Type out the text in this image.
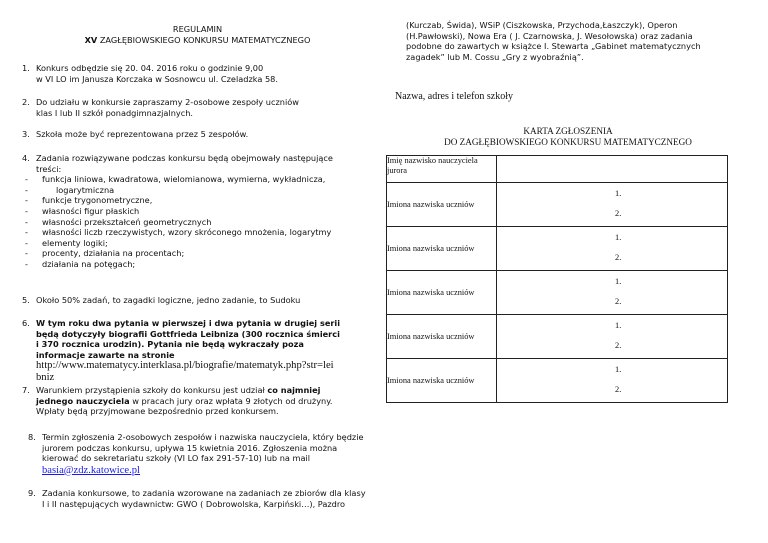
REGULAMIN
XV ZAGŁĘBIOWSKIEGO KONKURSU MATEMATYCZNEGO
1. Konkurs odbędzie się 20. 04. 2016 roku o godzinie 9,00
w VI LO im Janusza Korczaka w Sosnowcu ul. Czeladzka 58.
2. Do udziału w konkursie zapraszamy 2-osobowe zespoły uczniów
klas I lub II szkół ponadgimnazjalnych.
3. Szkoła może być reprezentowana przez 5 zespołów.
4. Zadania rozwiązywane podczas konkursu będą obejmowały następujące
treści:
- funkcja liniowa, kwadratowa, wielomianowa, wymierna, wykładnicza,
- logarytmiczna
- funkcje trygonometryczne,
- własności figur płaskich
- własności przekształceń geometrycznych
- własności liczb rzeczywistych, wzory skróconego mnożenia, logarytmy
- elementy logiki;
- procenty, działania na procentach;
- działania na potęgach;
5. Około 50% zadań, to zagadki logiczne, jedno zadanie, to Sudoku
6. W tym roku dwa pytania w pierwszej i dwa pytania w drugiej serii
będą dotyczyły biografii Gottfrieda Leibniza (300 rocznica śmierci
i 370 rocznica urodzin). Pytania nie będą wykraczały poza
informacje zawarte na stronie
http://www.matematycy.interklasa.pl/biografie/matematyk.php?str=lei
bniz
7. Warunkiem przystąpienia szkoły do konkursu jest udział co najmniej
jednego nauczyciela w pracach jury oraz wpłata 9 złotych od drużyny.
Wpłaty będą przyjmowane bezpośrednio przed konkursem.
8. Termin zgłoszenia 2-osobowych zespołów i nazwiska nauczyciela, który będzie
jurorem podczas konkursu, upływa 15 kwietnia 2016. Zgłoszenia można
kierować do sekretariatu szkoły (VI LO fax 291-57-10) lub na mail
basia@zdz.katowice.pl
9. Zadania konkursowe, to zadania wzorowane na zadaniach ze zbiorów dla klasy
I i II następujących wydawnictw: GWO ( Dobrowolska, Karpiński…), Pazdro
(Kurczab, Świda), WSiP (Ciszkowska, Przychoda,Łaszczyk), Operon
(H.Pawłowski), Nowa Era ( J. Czarnowska, J. Wesołowska) oraz zadania
podobne do zawartych w książce I. Stewarta „Gabinet matematycznych
zagadek” lub M. Cossu „Gry z wyobraźnią”.
Nazwa, adres i telefon szkoły
KARTA ZGŁOSZENIA
DO ZAGŁĘBIOWSKIEGO KONKURSU MATEMATYCZNEGO
Imię nazwisko nauczyciela jurora	
Imiona nazwiska uczniów	1.
2.

Imiona nazwiska uczniów	1.
2.

Imiona nazwiska uczniów	1.
2.

Imiona nazwiska uczniów	1.
2.

Imiona nazwiska uczniów	1.
2.
